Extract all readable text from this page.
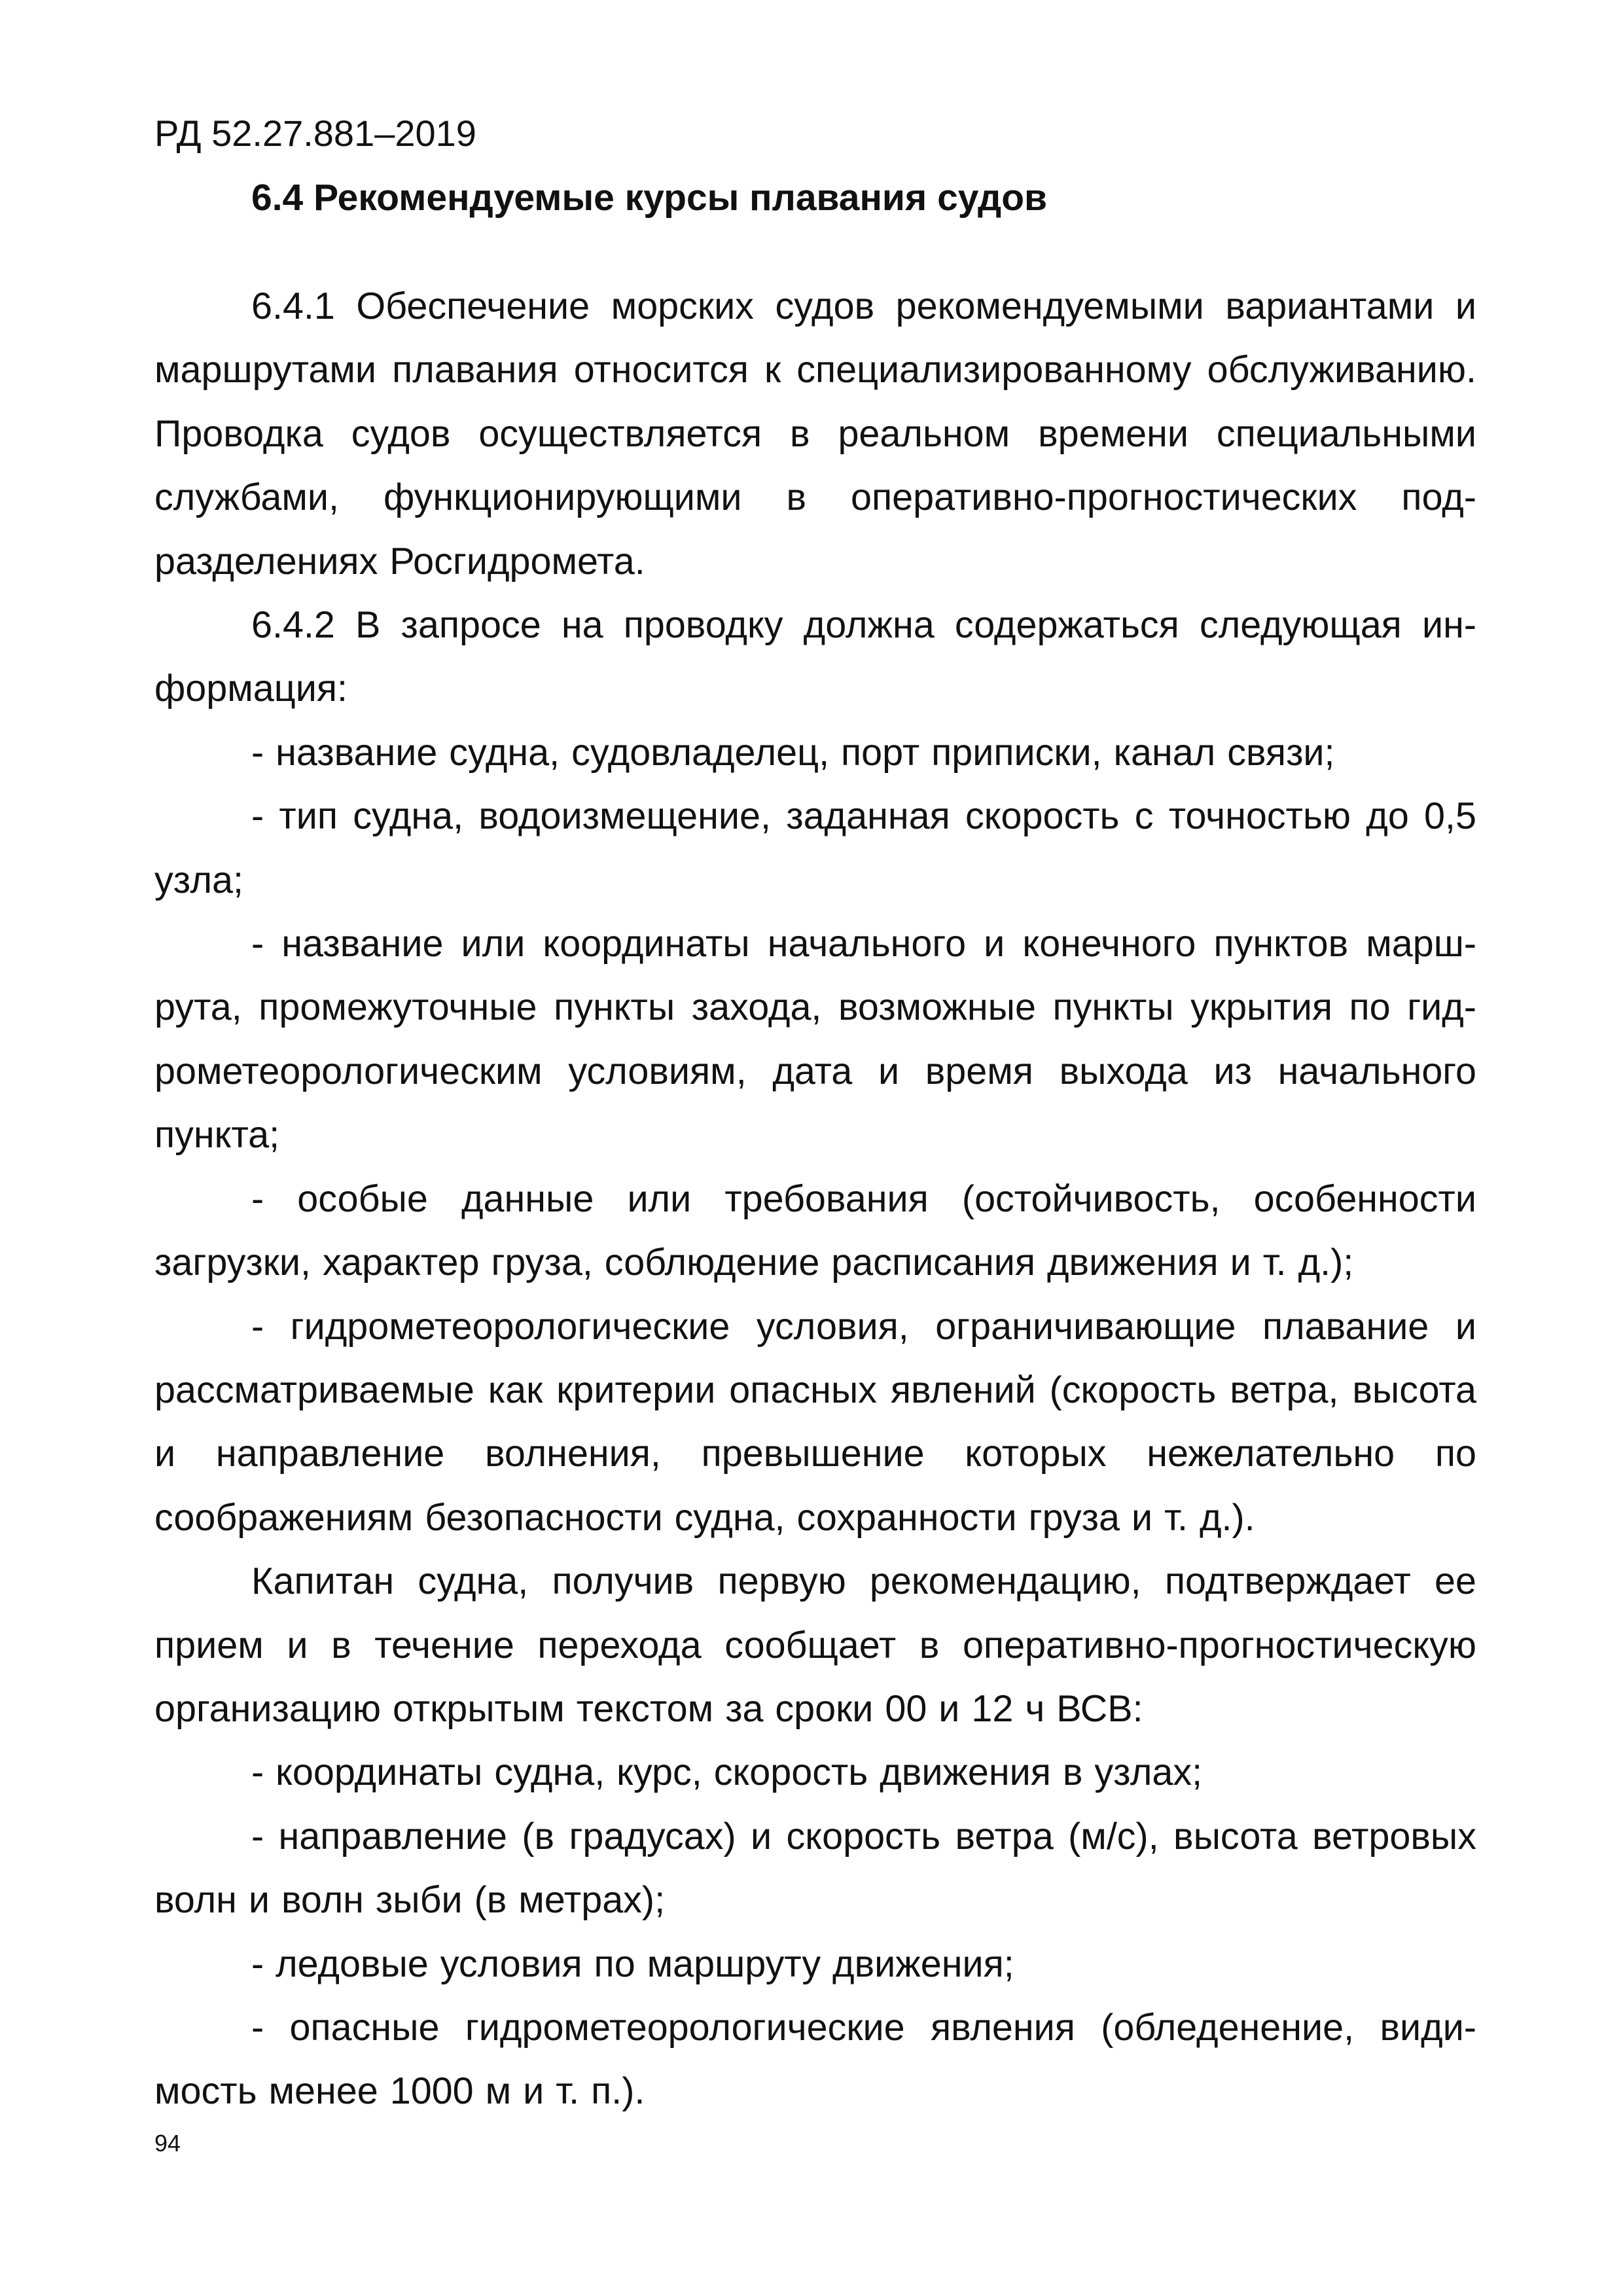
РД 52.27.881–2019
6.4 Рекомендуемые курсы плавания судов

6.4.1 Обеспечение морских судов рекомендуемыми вариантами и маршрутами плавания относится к специализированному обслуживанию. Проводка судов осуществляется в реальном времени специальными службами, функционирующими в оперативно-прогностических подразделениях Росгидромета.

6.4.2 В запросе на проводку должна содержаться следующая информация:

- название судна, судовладелец, порт приписки, канал связи;

- тип судна, водоизмещение, заданная скорость с точностью до 0,5 узла;

- название или координаты начального и конечного пунктов маршрута, промежуточные пункты захода, возможные пункты укрытия по гидрометеорологическим условиям, дата и время выхода из начального пункта;

- особые данные или требования (остойчивость, особенности загрузки, характер груза, соблюдение расписания движения и т. д.);

- гидрометеорологические условия, ограничивающие плавание и рассматриваемые как критерии опасных явлений (скорость ветра, высота и направление волнения, превышение которых нежелательно по соображениям безопасности судна, сохранности груза и т. д.).

Капитан судна, получив первую рекомендацию, подтверждает ее прием и в течение перехода сообщает в оперативно-прогностическую организацию открытым текстом за сроки 00 и 12 ч ВСВ:

- координаты судна, курс, скорость движения в узлах;

- направление (в градусах) и скорость ветра (м/с), высота ветровых волн и волн зыби (в метрах);

- ледовые условия по маршруту движения;

- опасные гидрометеорологические явления (обледенение, видимость менее 1000 м и т. п.).

94
